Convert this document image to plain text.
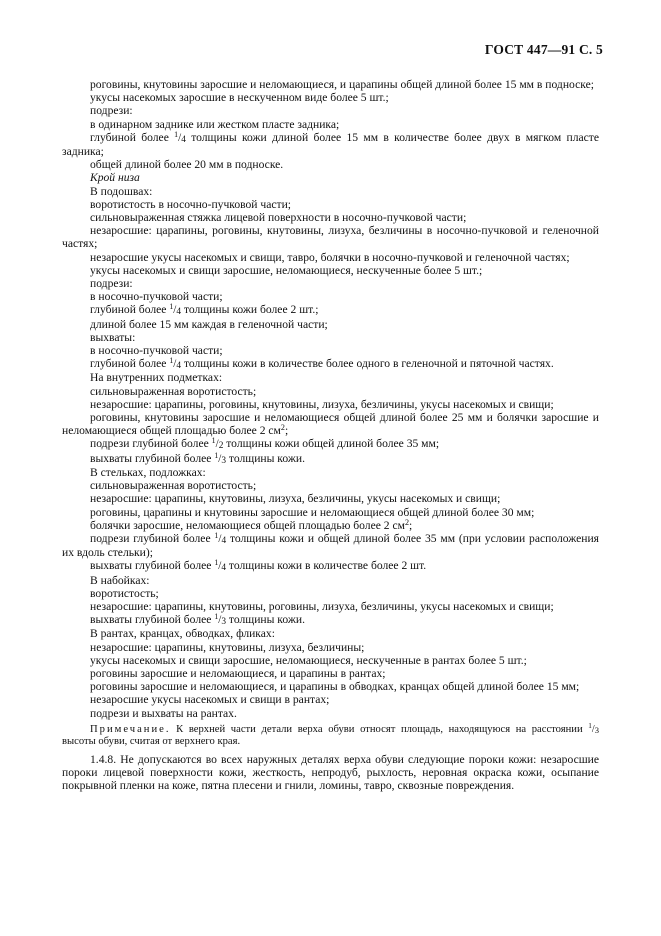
ГОСТ 447—91 С. 5

роговины, кнутовины заросшие и неломающиеся, и царапины общей длиной более 15 мм в подноске;

укусы насекомых заросшие в нескученном виде более 5 шт.;

подрези:

в одинарном заднике или жестком пласте задника;

глубиной более $^1/_4$ толщины кожи длиной более 15 мм в количестве более двух в мягком пласте задника;

общей длиной более 20 мм в подноске.

Крой низа

В подошвах:

воротистость в носочно-пучковой части;

сильновыраженная стяжка лицевой поверхности в носочно-пучковой части;

незаросшие: царапины, роговины, кнутовины, лизуха, безличины в носочно-пучковой и геленочной частях;

незаросшие укусы насекомых и свищи, тавро, болячки в носочно-пучковой и геленочной частях;

укусы насекомых и свищи заросшие, неломающиеся, нескученные более 5 шт.;

подрези:

в носочно-пучковой части;

глубиной более $^1/_4$ толщины кожи более 2 шт.;

длиной более 15 мм каждая в геленочной части;

выхваты:

в носочно-пучковой части;

глубиной более $^1/_4$ толщины кожи в количестве более одного в геленочной и пяточной частях.

На внутренних подметках:

сильновыраженная воротистость;

незаросшие: царапины, роговины, кнутовины, лизуха, безличины, укусы насекомых и свищи;

роговины, кнутовины заросшие и неломающиеся общей длиной более 25 мм и болячки заросшие и неломающиеся общей площадью более 2 $см^2$;

подрези глубиной более $^1/_2$ толщины кожи общей длиной более 35 мм;

выхваты глубиной более $^1/_3$ толщины кожи.

В стельках, подложках:

сильновыраженная воротистость;

незаросшие: царапины, кнутовины, лизуха, безличины, укусы насекомых и свищи;

роговины, царапины и кнутовины заросшие и неломающиеся общей длиной более 30 мм;

болячки заросшие, неломающиеся общей площадью более 2 $см^2$;

подрези глубиной более $^1/_4$ толщины кожи и общей длиной более 35 мм (при условии расположения их вдоль стельки);

выхваты глубиной более $^1/_4$ толщины кожи в количестве более 2 шт.

В набойках:

воротистость;

незаросшие: царапины, кнутовины, роговины, лизуха, безличины, укусы насекомых и свищи;

выхваты глубиной более $^1/_3$ толщины кожи.

В рантах, кранцах, обводках, фликах:

незаросшие: царапины, кнутовины, лизуха, безличины;

укусы насекомых и свищи заросшие, неломающиеся, нескученные в рантах более 5 шт.;

роговины заросшие и неломающиеся, и царапины в рантах;

роговины заросшие и неломающиеся, и царапины в обводках, кранцах общей длиной более 15 мм;

незаросшие укусы насекомых и свищи в рантах;

подрези и выхваты на рантах.

Примечание. К верхней части детали верха обуви относят площадь, находящуюся на расстоянии $^1/_3$ высоты обуви, считая от верхнего края.

1.4.8. Не допускаются во всех наружных деталях верха обуви следующие пороки кожи: незаросшие пороки лицевой поверхности кожи, жесткость, непродуб, рыхлость, неровная окраска кожи, осыпание покрывной пленки на коже, пятна плесени и гнили, ломины, тавро, сквозные повреждения.
